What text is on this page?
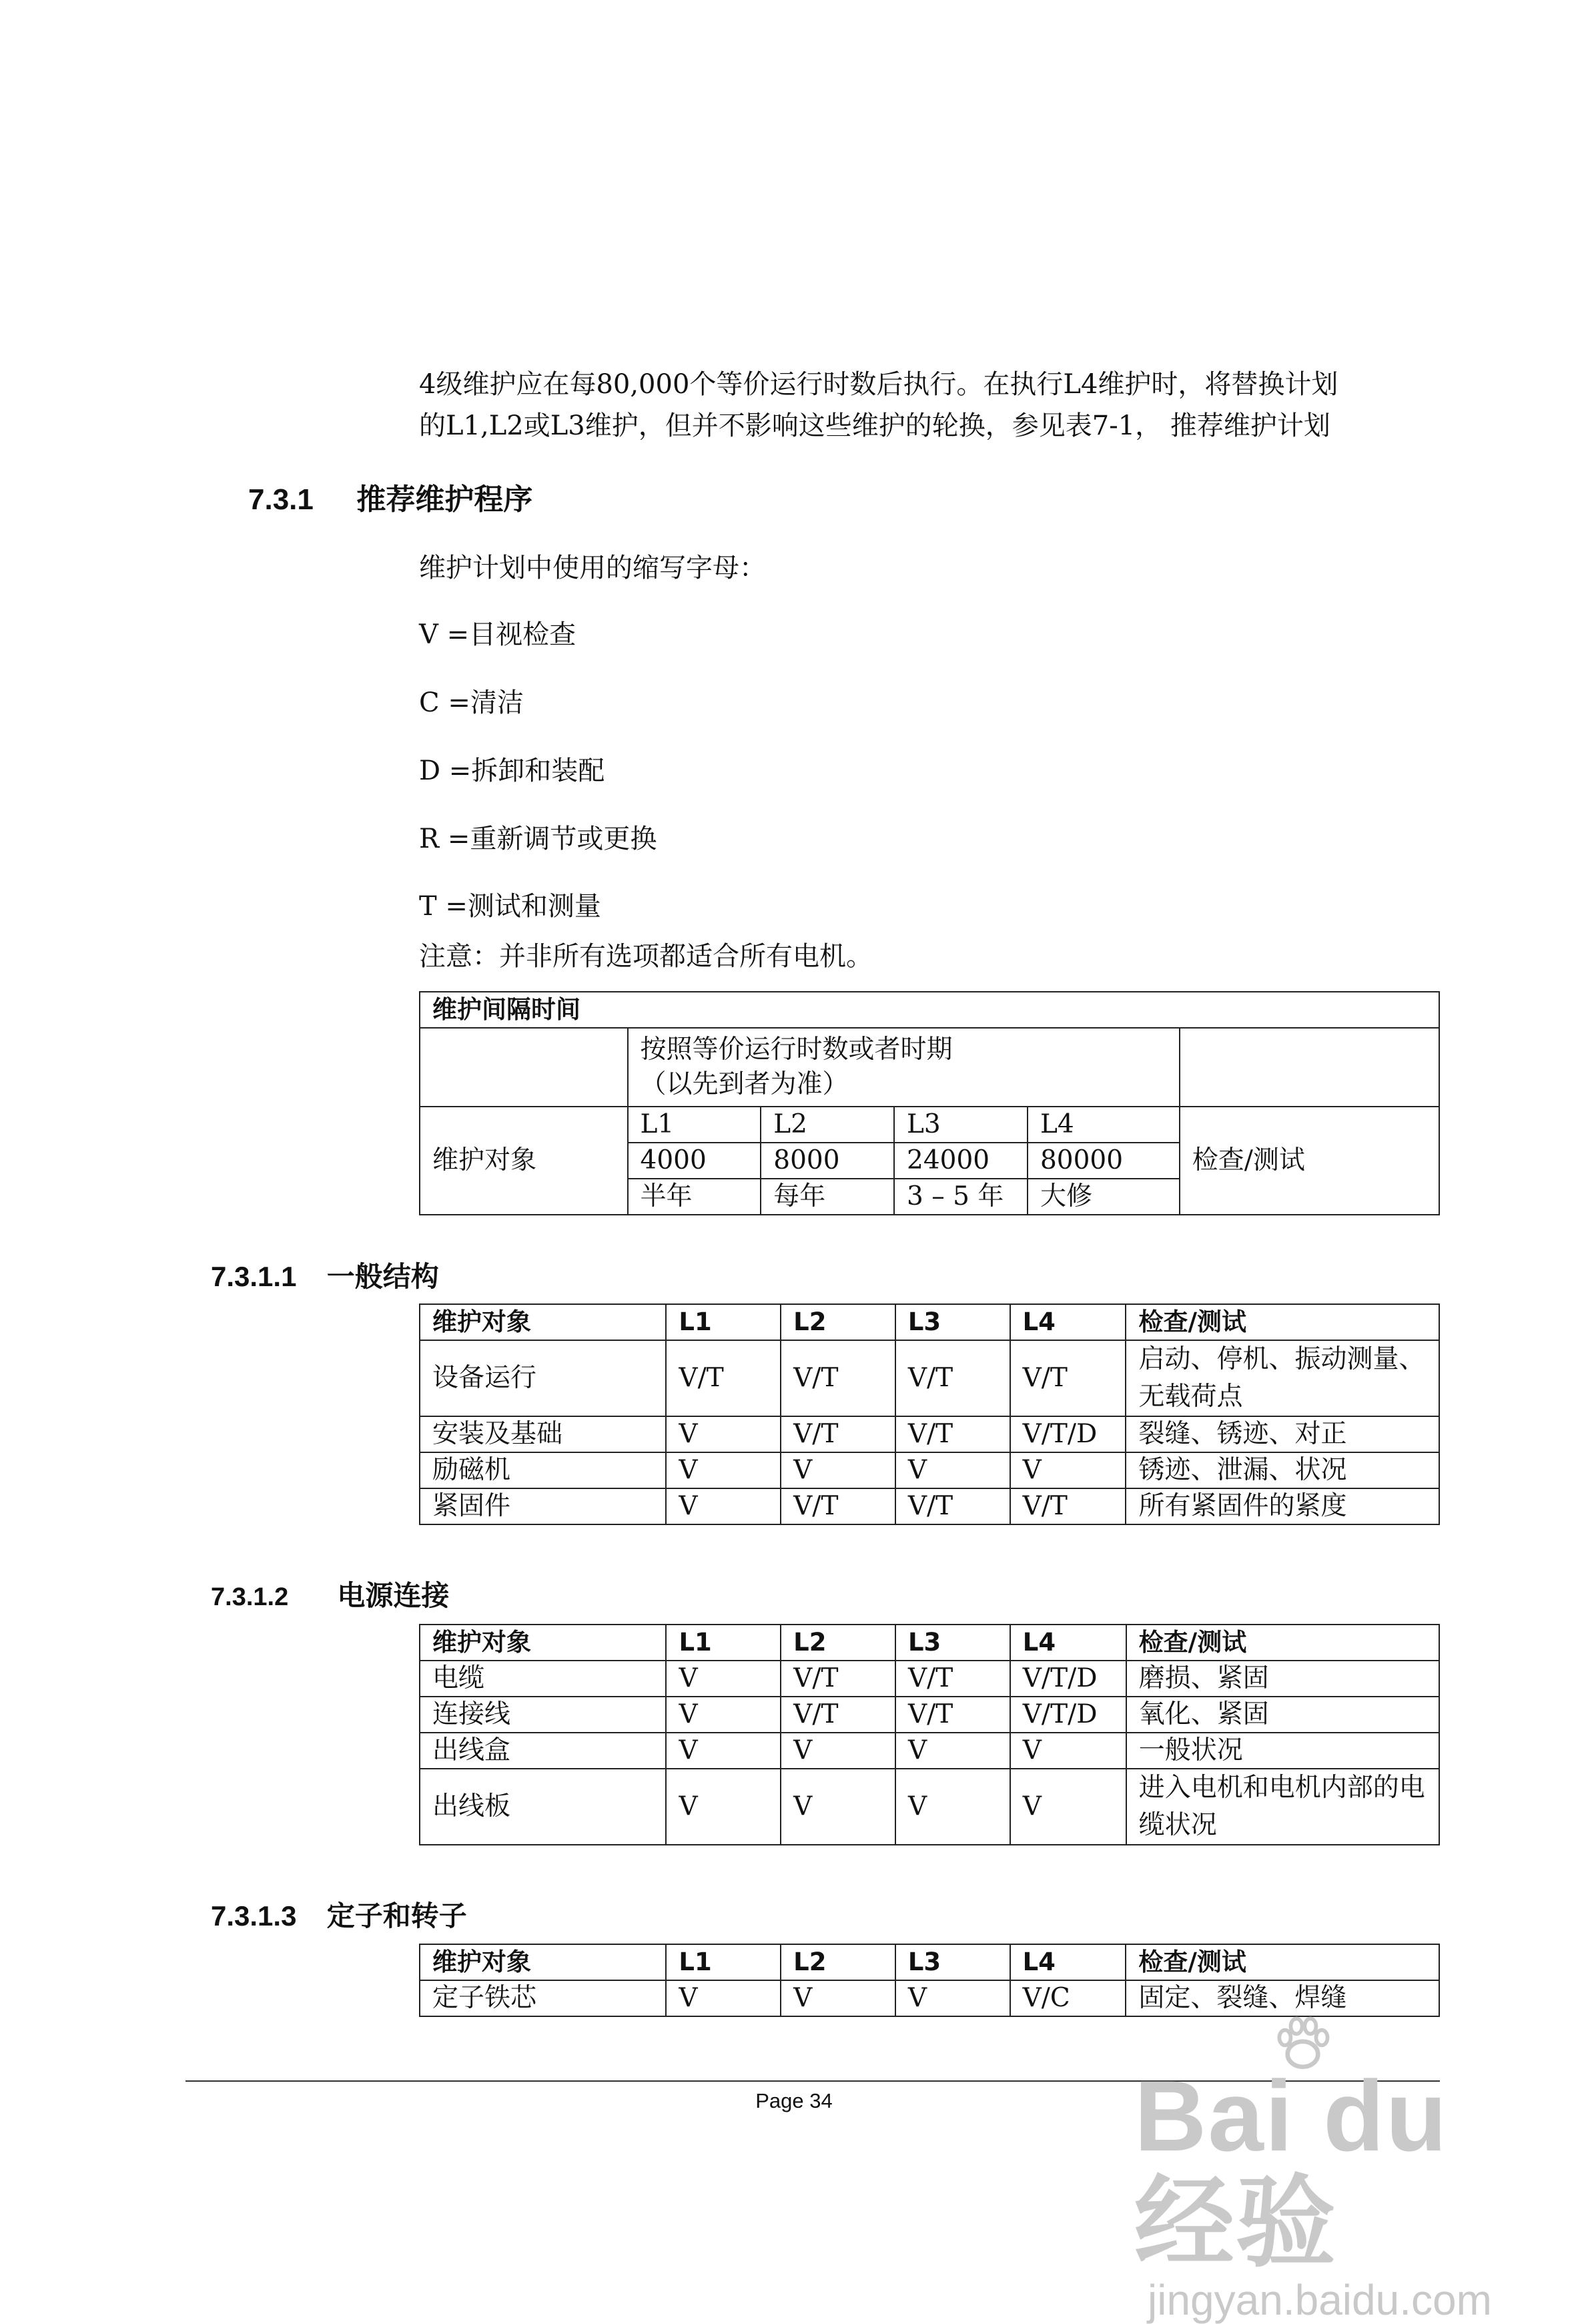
4级维护应在每80,000个等价运行时数后执行。在执行L4维护时，将替换计划
的L1,L2或L3维护，但并不影响这些维护的轮换，参见表7-1， 推荐维护计划
7.3.1 推荐维护程序
维护计划中使用的缩写字母：
V =目视检查
C =清洁
D =拆卸和装配
R =重新调节或更换
T =测试和测量
注意：并非所有选项都适合所有电机。
维护间隔时间					

	按照等价运行时数或者时期
（以先到者为准）				

维护对象	L1	L2	L3	L4	检查/测试
	4000	8000	24000	80000	
	半年	每年	3 – 5 年	大修	
7.3.1.1 一般结构
维护对象	L1	L2	L3	L4	检查/测试
设备运行	V/T	V/T	V/T	V/T	启动、停机、振动测量、无载荷点
安装及基础	V	V/T	V/T	V/T/D	裂缝、锈迹、对正
励磁机	V	V	V	V	锈迹、泄漏、状况
紧固件	V	V/T	V/T	V/T	所有紧固件的紧度
7.3.1.2 电源连接
维护对象	L1	L2	L3	L4	检查/测试
电缆	V	V/T	V/T	V/T/D	磨损、紧固
连接线	V	V/T	V/T	V/T/D	氧化、紧固
出线盒	V	V	V	V	一般状况
出线板	V	V	V	V	进入电机和电机内部的电缆状况
7.3.1.3 定子和转子
维护对象	L1	L2	L3	L4	检查/测试
定子铁芯	V	V	V	V/C	固定、裂缝、焊缝
Page 34	Bai du 经验
jingyan.baidu.com
